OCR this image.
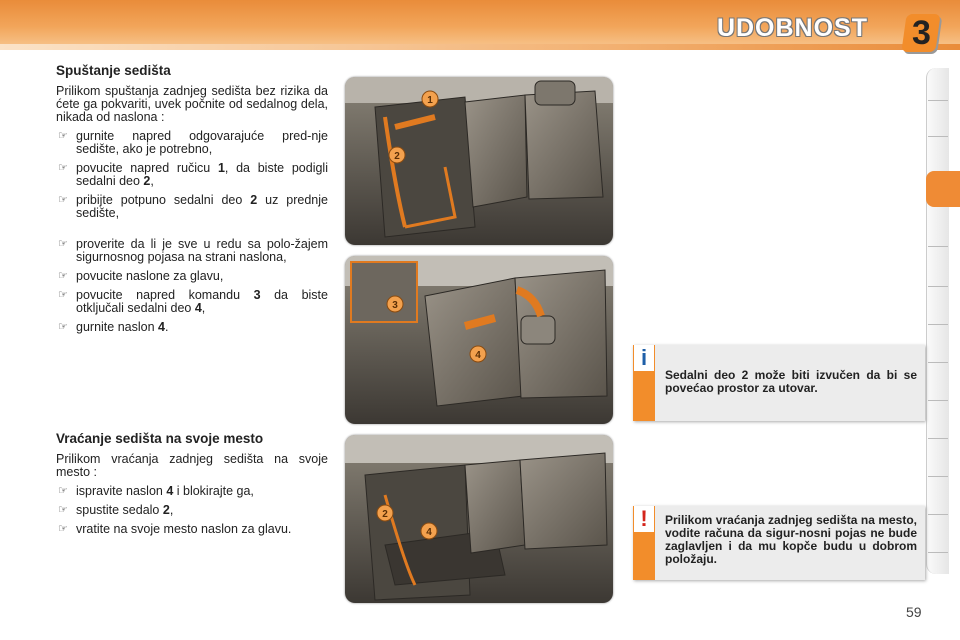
UDOBNOST 3
Spuštanje sedišta

Prilikom spuštanja zadnjeg sedišta bez rizika da ćete ga pokvariti, uvek počnite od sedalnog dela, nikada od naslona :

☞ gurnite napred odgovarajuće pred-nje sedište, ako je potrebno,
☞ povucite napred ručicu 1, da biste podigli sedalni deo 2,
☞ pribijte potpuno sedalni deo 2 uz prednje sedište,
☞ proverite da li je sve u redu sa polo-žajem sigurnosnog pojasa na strani naslona,
☞ povucite naslone za glavu,
☞ povucite napred komandu 3 da biste otključali sedalni deo 4,
☞ gurnite naslon 4.
Vraćanje sedišta na svoje mesto

Prilikom vraćanja zadnjeg sedišta na svoje mesto :

☞ ispravite naslon 4 i blokirajte ga,
☞ spustite sedalo 2,
☞ vratite na svoje mesto naslon za glavu.
1
2
3
4
2
4
i
Sedalni deo 2 može biti izvučen da bi se povećao prostor za utovar.
!	Prilikom vraćanja zadnjeg sedišta na mesto, vodite računa da sigur-nosni pojas ne bude zaglavljen i da mu kopče budu u dobrom položaju.
59
